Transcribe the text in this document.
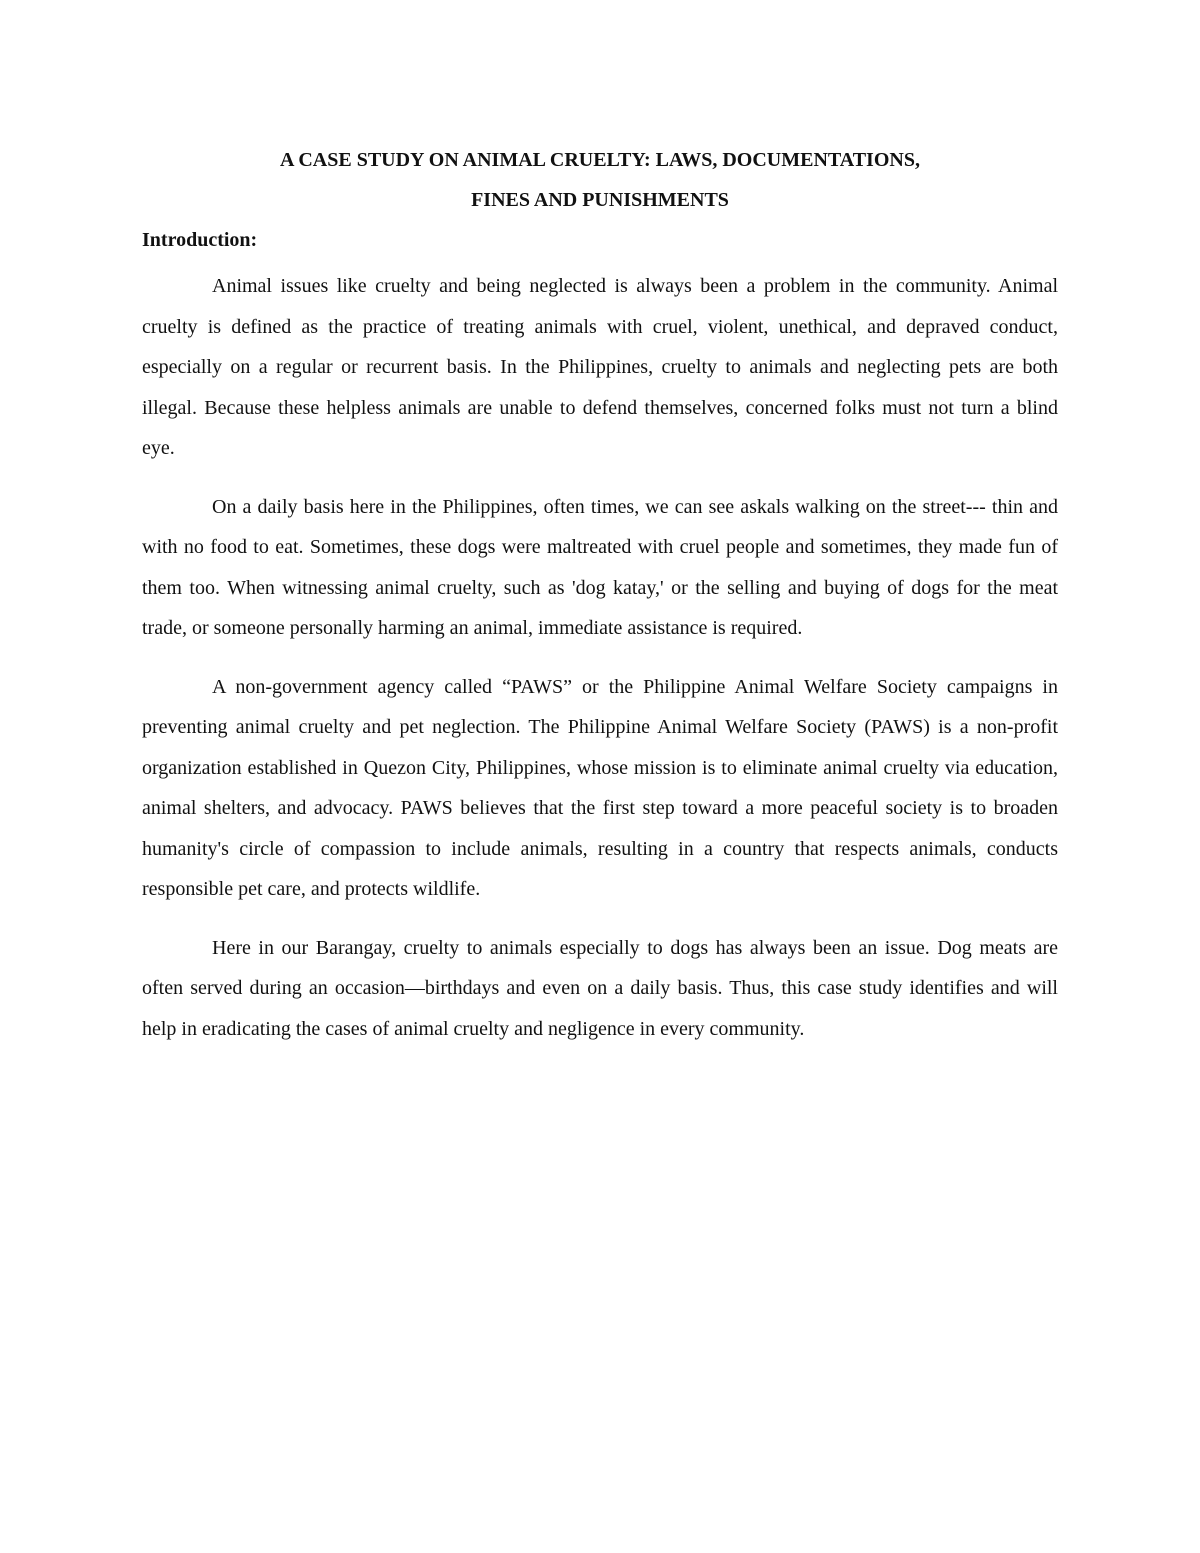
A CASE STUDY ON ANIMAL CRUELTY: LAWS, DOCUMENTATIONS,

FINES AND PUNISHMENTS

Introduction:

Animal issues like cruelty and being neglected is always been a problem in the community. Animal cruelty is defined as the practice of treating animals with cruel, violent, unethical, and depraved conduct, especially on a regular or recurrent basis. In the Philippines, cruelty to animals and neglecting pets are both illegal. Because these helpless animals are unable to defend themselves, concerned folks must not turn a blind eye.

On a daily basis here in the Philippines, often times, we can see askals walking on the street--- thin and with no food to eat. Sometimes, these dogs were maltreated with cruel people and sometimes, they made fun of them too. When witnessing animal cruelty, such as 'dog katay,' or the selling and buying of dogs for the meat trade, or someone personally harming an animal, immediate assistance is required.

A non-government agency called “PAWS” or the Philippine Animal Welfare Society campaigns in preventing animal cruelty and pet neglection. The Philippine Animal Welfare Society (PAWS) is a non-profit organization established in Quezon City, Philippines, whose mission is to eliminate animal cruelty via education, animal shelters, and advocacy. PAWS believes that the first step toward a more peaceful society is to broaden humanity's circle of compassion to include animals, resulting in a country that respects animals, conducts responsible pet care, and protects wildlife.

Here in our Barangay, cruelty to animals especially to dogs has always been an issue. Dog meats are often served during an occasion—birthdays and even on a daily basis. Thus, this case study identifies and will help in eradicating the cases of animal cruelty and negligence in every community.
